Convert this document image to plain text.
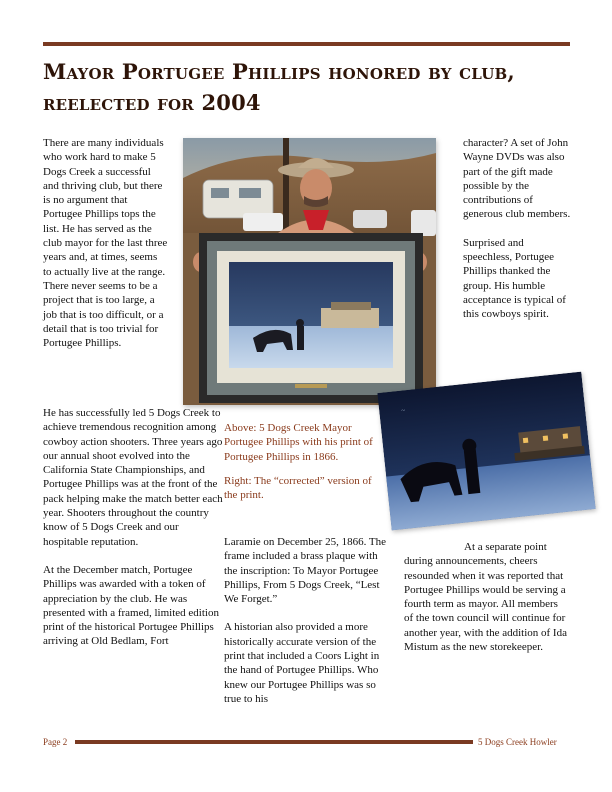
Mayor Portugee Phillips honored by club, reelected for 2004

There are many individuals who work hard to make 5 Dogs Creek a successful and thriving club, but there is no argument that Portugee Phillips tops the list. He has served as the club mayor for the last three years and, at times, seems to actually live at the range. There never seems to be a project that is too large, a job that is too difficult, or a detail that is too trivial for Portugee Phillips.

He has successfully led 5 Dogs Creek to achieve tremendous recognition among cowboy action shooters. Three years ago our annual shoot evolved into the California State Championships, and Portugee Phillips was at the front of the pack helping make the match better each year. Shooters throughout the country know of 5 Dogs Creek and our hospitable reputation.

At the December match, Portugee Phillips was awarded with a token of appreciation by the club. He was presented with a framed, limited edition print of the historical Portugee Phillips arriving at Old Bedlam, Fort

character? A set of John Wayne DVDs was also part of the gift made possible by the contributions of generous club members.

Surprised and speechless, Portugee Phillips thanked the group. His humble acceptance is typical of this cowboys spirit.

~

Above: 5 Dogs Creek Mayor Portugee Phillips with his print of Portugee Phillips in 1866.

Right: The “corrected” version of the print.

Laramie on December 25, 1866. The frame included a brass plaque with the inscription: To Mayor Portugee Phillips, From 5 Dogs Creek, “Lest We Forget.”

A historian also provided a more historically accurate version of the print that included a Coors Light in the hand of Portugee Phillips. Who knew our Portugee Phillips was so true to his

At a separate point during announcements, cheers resounded when it was reported that Portugee Phillips would be serving a fourth term as mayor. All members of the town council will continue for another year, with the addition of Ida Mistum as the new storekeeper.

Page 2	5 Dogs Creek Howler
